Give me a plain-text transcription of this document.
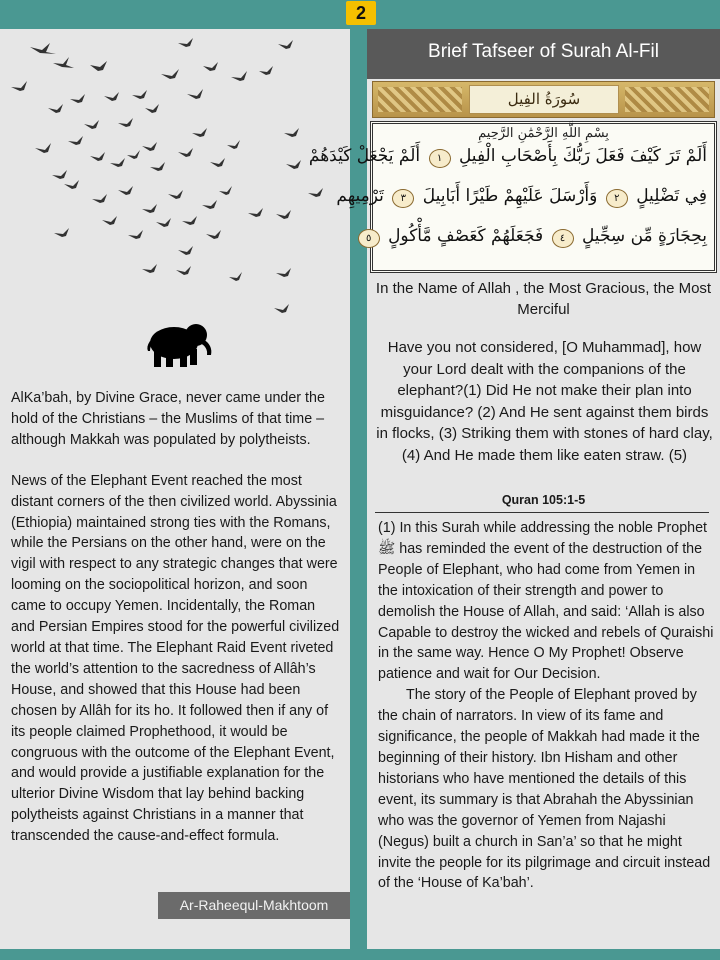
2

AlKa’bah, by Divine Grace, never came under the hold of the Christians – the Muslims of that time – although Makkah was populated by polytheists.

News of the Elephant Event reached the most distant corners of the then civilized world. Abyssinia (Ethiopia) maintained strong ties with the Romans, while the Persians on the other hand, were on the vigil with respect to any strategic changes that were looming on the sociopolitical horizon, and soon came to occupy Yemen. Incidentally, the Roman and Persian Empires stood for the powerful civilized world at that time. The Elephant Raid Event riveted the world’s attention to the sacredness of Allâh’s House, and showed that this House had been chosen by Allâh for its ho. It followed then if any of its people claimed Prophethood, it would be congruous with the outcome of the Elephant Event, and would provide a justifiable explanation for the ulterior Divine Wisdom that lay behind backing polytheists against Christians in a manner that transcended the cause-and-effect formula.

Ar-Raheequl-Makhtoom
Brief Tafseer of Surah Al-Fil
سُورَةُ الفِيل
بِسْمِ اللَّهِ الرَّحْمَٰنِ الرَّحِيمِ
أَلَمْ تَرَ كَيْفَ فَعَلَ رَبُّكَ بِأَصْحَابِ الْفِيلِ ١ أَلَمْ يَجْعَلْ كَيْدَهُمْ
فِي تَضْلِيلٍ ٢ وَأَرْسَلَ عَلَيْهِمْ طَيْرًا أَبَابِيلَ ٣ تَرْمِيهِم
بِحِجَارَةٍ مِّن سِجِّيلٍ ٤ فَجَعَلَهُمْ كَعَصْفٍ مَّأْكُولٍ ٥
In the Name of Allah , the Most Gracious, the Most Merciful
Have you not considered, [O Muhammad], how your Lord dealt with the companions of the elephant?(1) Did He not make their plan into misguidance? (2) And He sent against them birds in flocks, (3) Striking them with stones of hard clay, (4) And He made them like eaten straw. (5)
Quran 105:1-5

(1) In this Surah while addressing the noble Prophet ﷺ has reminded the event of the destruction of the People of Elephant, who had come from Yemen in the intoxication of their strength and power to demolish the House of Allah, and said: ‘Allah is also Capable to destroy the wicked and rebels of Quraishi in the same way. Hence O My Prophet! Observe patience and wait for Our Decision.

The story of the People of Elephant proved by the chain of narrators. In view of its fame and significance, the people of Makkah had made it the beginning of their history. Ibn Hisham and other historians who have mentioned the details of this event, its summary is that Abrahah the Abyssinian who was the governor of Yemen from Najashi (Negus) built a church in San’a’ so that he might invite the people for its pilgrimage and circuit instead of the ‘House of Ka’bah’.
